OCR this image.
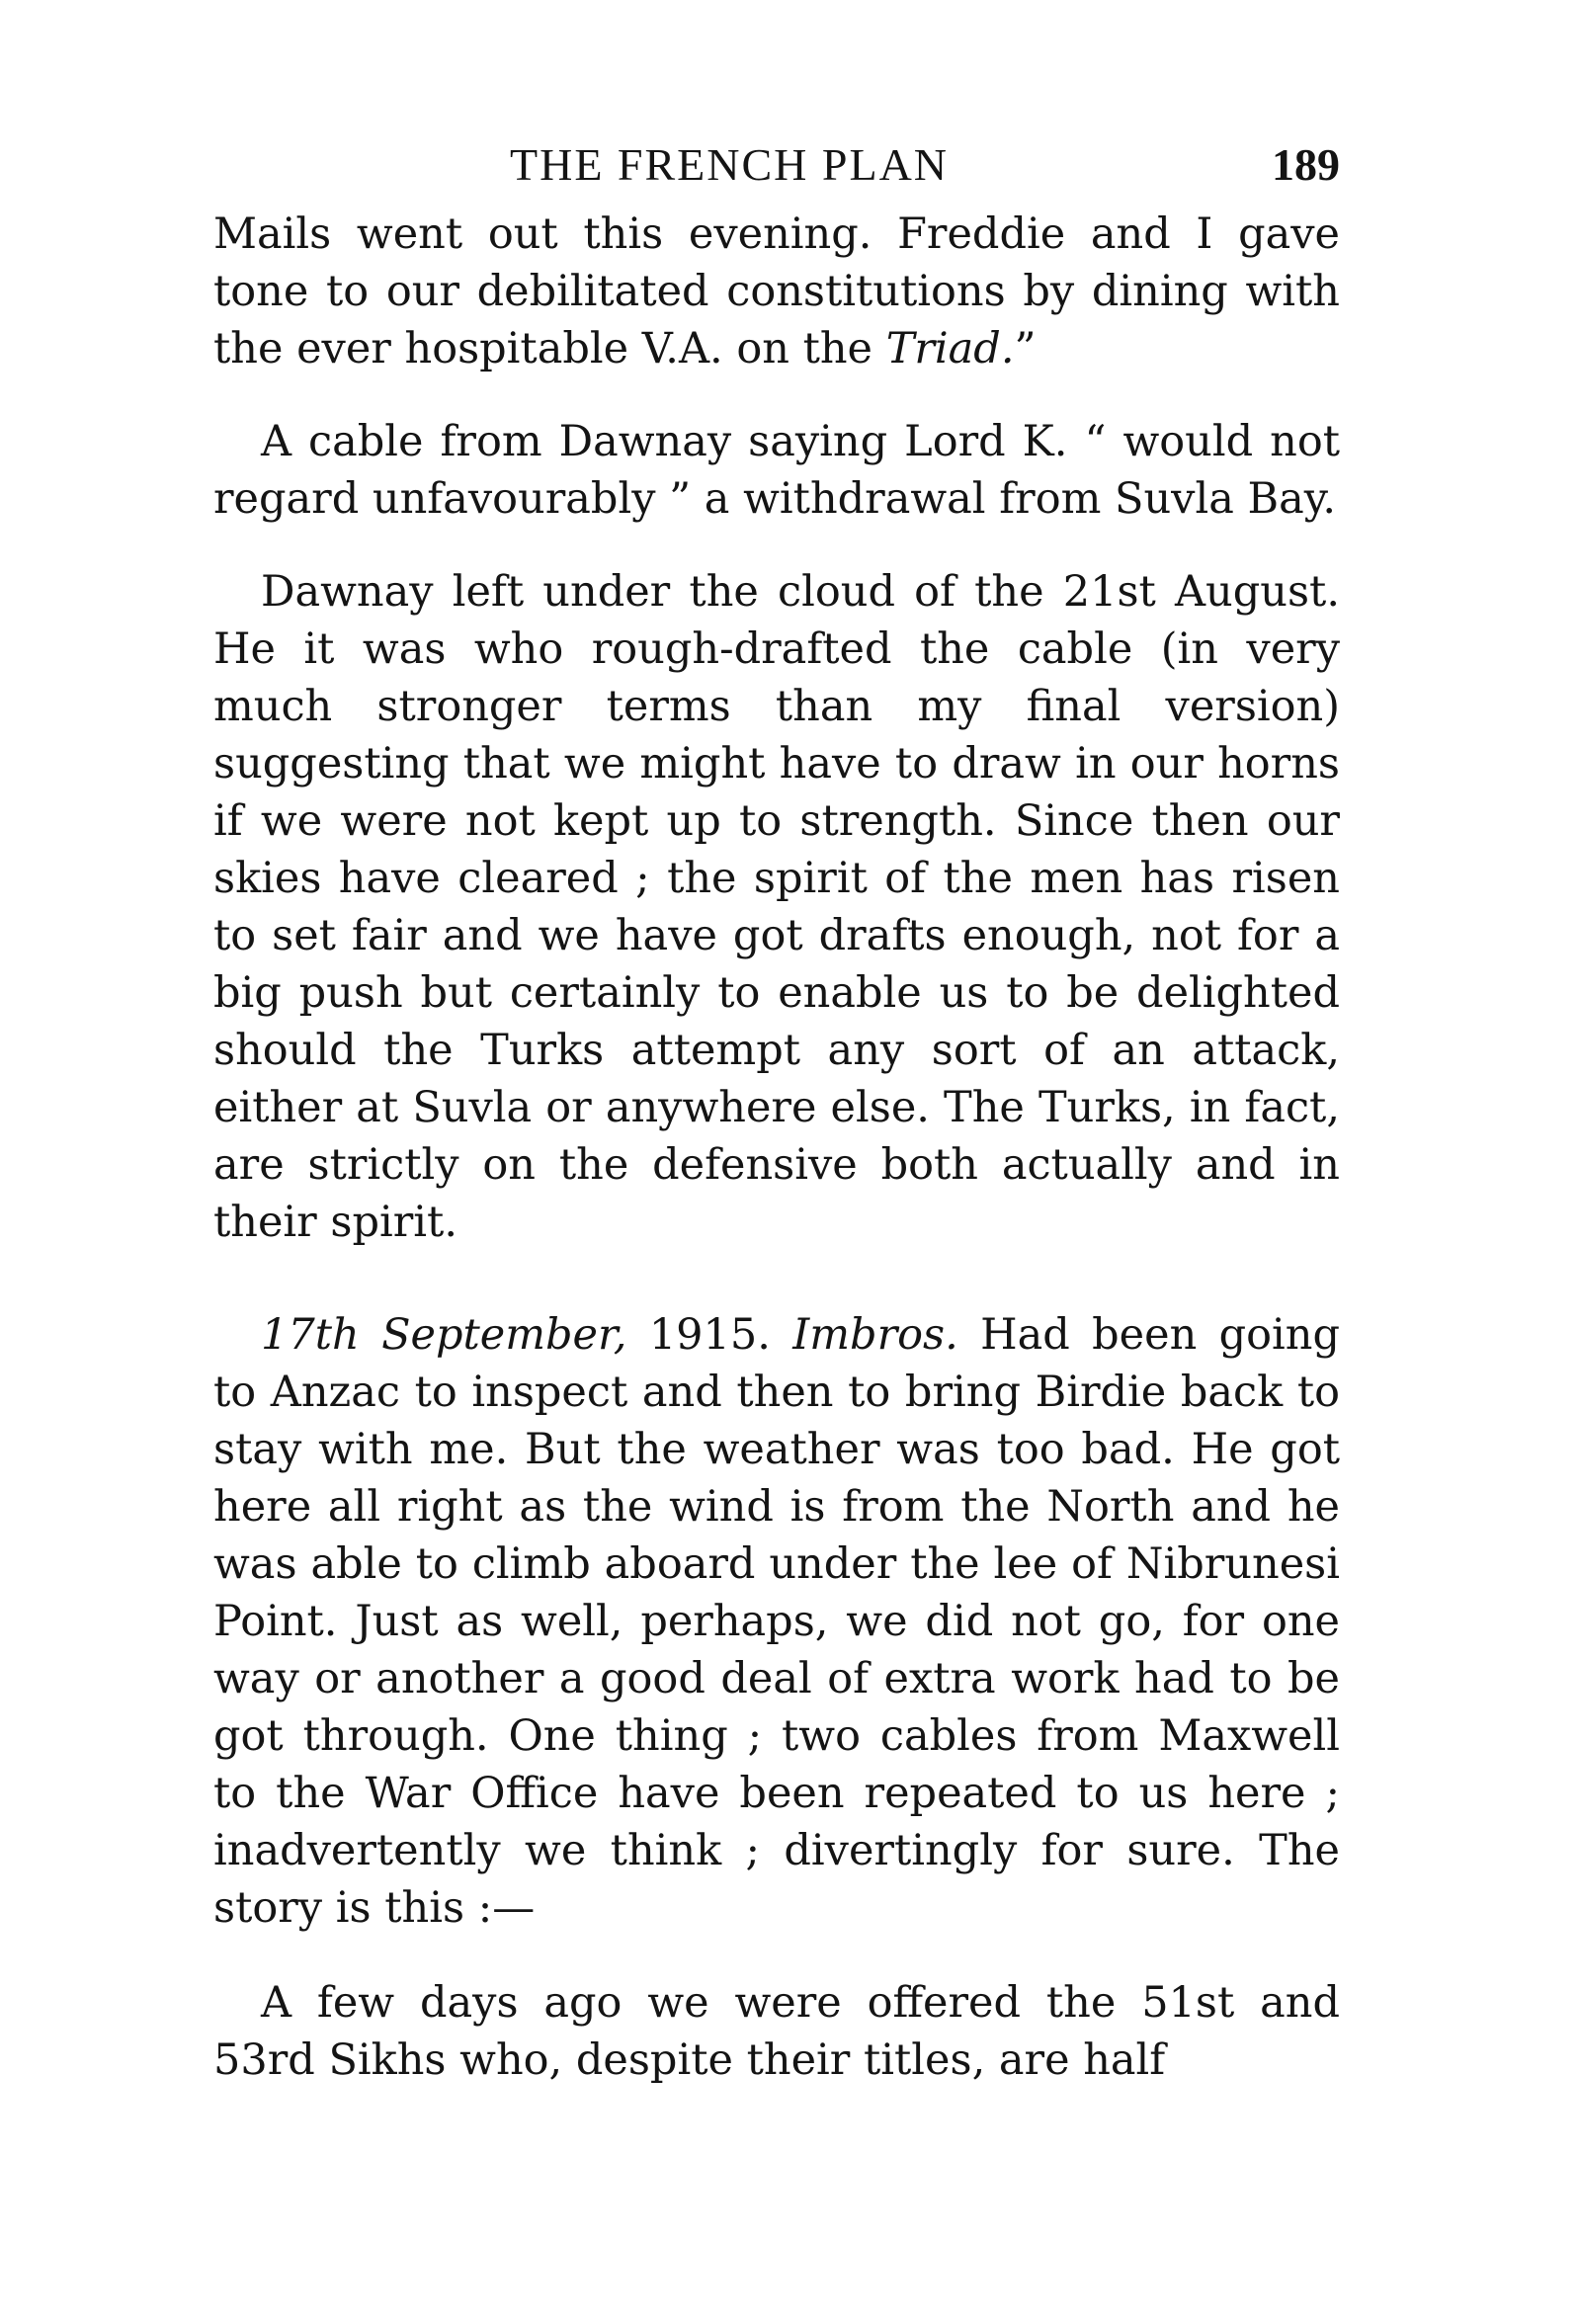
THE FRENCH PLAN	189

Mails went out this evening. Freddie and I gave tone to our debilitated constitutions by dining with the ever hospitable V.A. on the Triad.”

A cable from Dawnay saying Lord K. “ would not regard unfavourably ” a withdrawal from Suvla Bay.

Dawnay left under the cloud of the 21st August. He it was who rough-drafted the cable (in very much stronger terms than my final version) suggesting that we might have to draw in our horns if we were not kept up to strength. Since then our skies have cleared ; the spirit of the men has risen to set fair and we have got drafts enough, not for a big push but certainly to enable us to be delighted should the Turks attempt any sort of an attack, either at Suvla or anywhere else. The Turks, in fact, are strictly on the defensive both actually and in their spirit.

17th September, 1915. Imbros. Had been going to Anzac to inspect and then to bring Birdie back to stay with me. But the weather was too bad. He got here all right as the wind is from the North and he was able to climb aboard under the lee of Nibrunesi Point. Just as well, perhaps, we did not go, for one way or another a good deal of extra work had to be got through. One thing ; two cables from Maxwell to the War Office have been repeated to us here ; inadvertently we think ; divertingly for sure. The story is this :—

A few days ago we were offered the 51st and 53rd Sikhs who, despite their titles, are half
